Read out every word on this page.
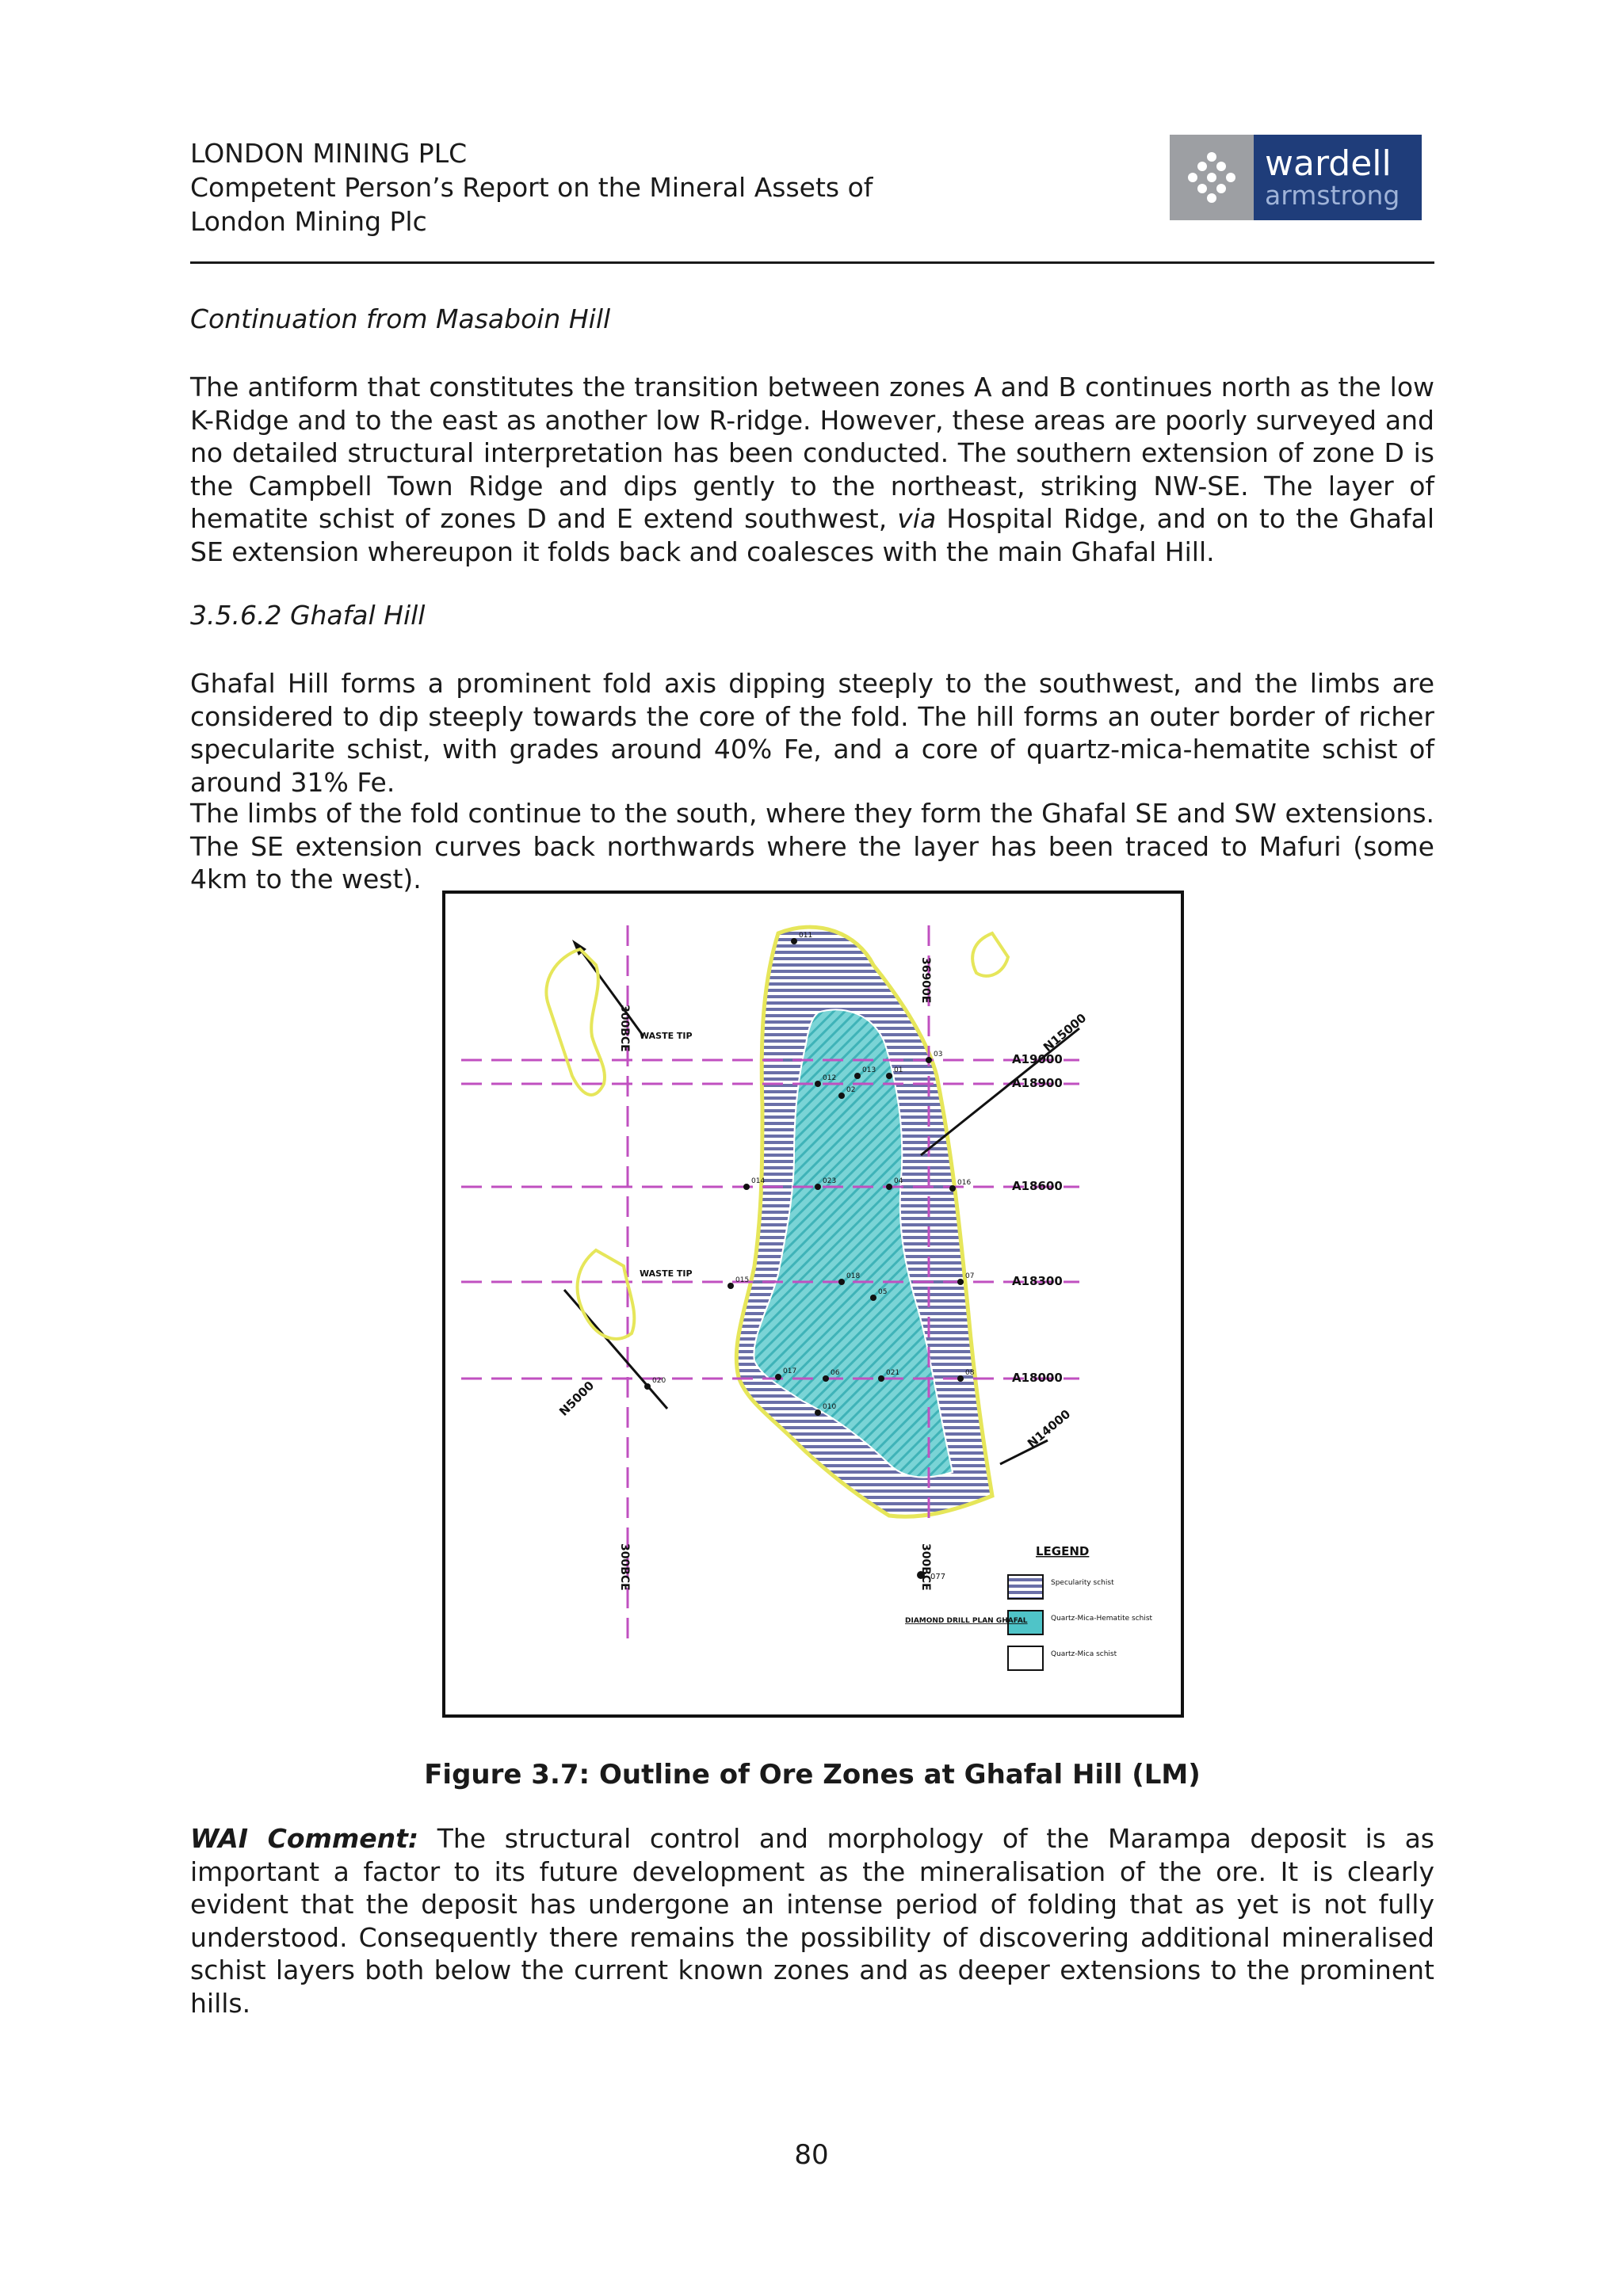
LONDON MINING PLC
Competent Person’s Report on the Mineral Assets of
London Mining Plc
wardell
armstrong
Continuation from Masaboin Hill
The antiform that constitutes the transition between zones A and B continues north as the low K-Ridge and to the east as another low R-ridge. However, these areas are poorly surveyed and no detailed structural interpretation has been conducted. The southern extension of zone D is the Campbell Town Ridge and dips gently to the northeast, striking NW-SE. The layer of hematite schist of zones D and E extend southwest, via Hospital Ridge, and on to the Ghafal SE extension whereupon it folds back and coalesces with the main Ghafal Hill.
3.5.6.2 Ghafal Hill
Ghafal Hill forms a prominent fold axis dipping steeply to the southwest, and the limbs are considered to dip steeply towards the core of the fold. The hill forms an outer border of richer specularite schist, with grades around 40% Fe, and a core of quartz-mica-hematite schist of around 31% Fe.
The limbs of the fold continue to the south, where they form the Ghafal SE and SW extensions. The SE extension curves back northwards where the layer has been traced to Mafuri (some 4km to the west).
A19000
A18900
A18600
A18300
A18000
N15000
N5000
N14000
WASTE TIP
WASTE TIP
300BCE
36900E
300BCE	300BCE	LEGEND
Specularity schist
Quartz-Mica-Hematite schist
Quartz-Mica schist
077
DIAMOND DRILL PLAN GHAFAL
011
013
012
01
02
03
014	023	04	016
015	018
05
07
017	06	021	08
010
020
Figure 3.7: Outline of Ore Zones at Ghafal Hill (LM)
WAI Comment: The structural control and morphology of the Marampa deposit is as important a factor to its future development as the mineralisation of the ore. It is clearly evident that the deposit has undergone an intense period of folding that as yet is not fully understood. Consequently there remains the possibility of discovering additional mineralised schist layers both below the current known zones and as deeper extensions to the prominent hills.
80
